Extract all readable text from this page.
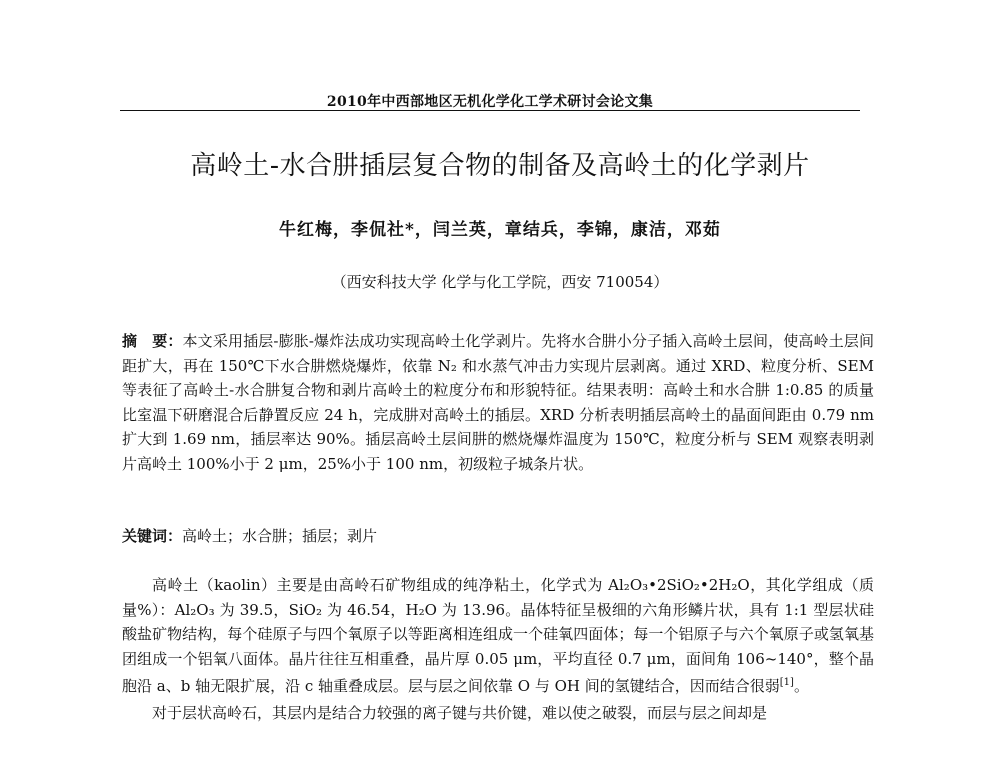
2010年中西部地区无机化学化工学术研讨会论文集
高岭土-水合肼插层复合物的制备及高岭土的化学剥片
牛红梅，李侃社*，闫兰英，章结兵，李锦，康洁，邓茹
（西安科技大学 化学与化工学院，西安 710054）
摘　要：本文采用插层-膨胀-爆炸法成功实现高岭土化学剥片。先将水合肼小分子插入高岭土层间，使高岭土层间距扩大，再在 150℃下水合肼燃烧爆炸，依靠 N₂ 和水蒸气冲击力实现片层剥离。通过 XRD、粒度分析、SEM 等表征了高岭土-水合肼复合物和剥片高岭土的粒度分布和形貌特征。结果表明：高岭土和水合肼 1:0.85 的质量比室温下研磨混合后静置反应 24 h，完成肼对高岭土的插层。XRD 分析表明插层高岭土的晶面间距由 0.79 nm 扩大到 1.69 nm，插层率达 90%。插层高岭土层间肼的燃烧爆炸温度为 150℃，粒度分析与 SEM 观察表明剥片高岭土 100%小于 2 μm，25%小于 100 nm，初级粒子城条片状。
关键词：高岭土；水合肼；插层；剥片
高岭土（kaolin）主要是由高岭石矿物组成的纯净粘土，化学式为 Al₂O₃•2SiO₂•2H₂O，其化学组成（质量%）：Al₂O₃ 为 39.5，SiO₂ 为 46.54，H₂O 为 13.96。晶体特征呈极细的六角形鳞片状，具有 1:1 型层状硅酸盐矿物结构，每个硅原子与四个氧原子以等距离相连组成一个硅氧四面体；每一个铝原子与六个氧原子或氢氧基团组成一个铝氧八面体。晶片往往互相重叠，晶片厚 0.05 μm，平均直径 0.7 μm，面间角 106~140°，整个晶胞沿 a、b 轴无限扩展，沿 c 轴重叠成层。层与层之间依靠 O 与 OH 间的氢键结合，因而结合很弱[1]。
对于层状高岭石，其层内是结合力较强的离子键与共价键，难以使之破裂，而层与层之间却是
